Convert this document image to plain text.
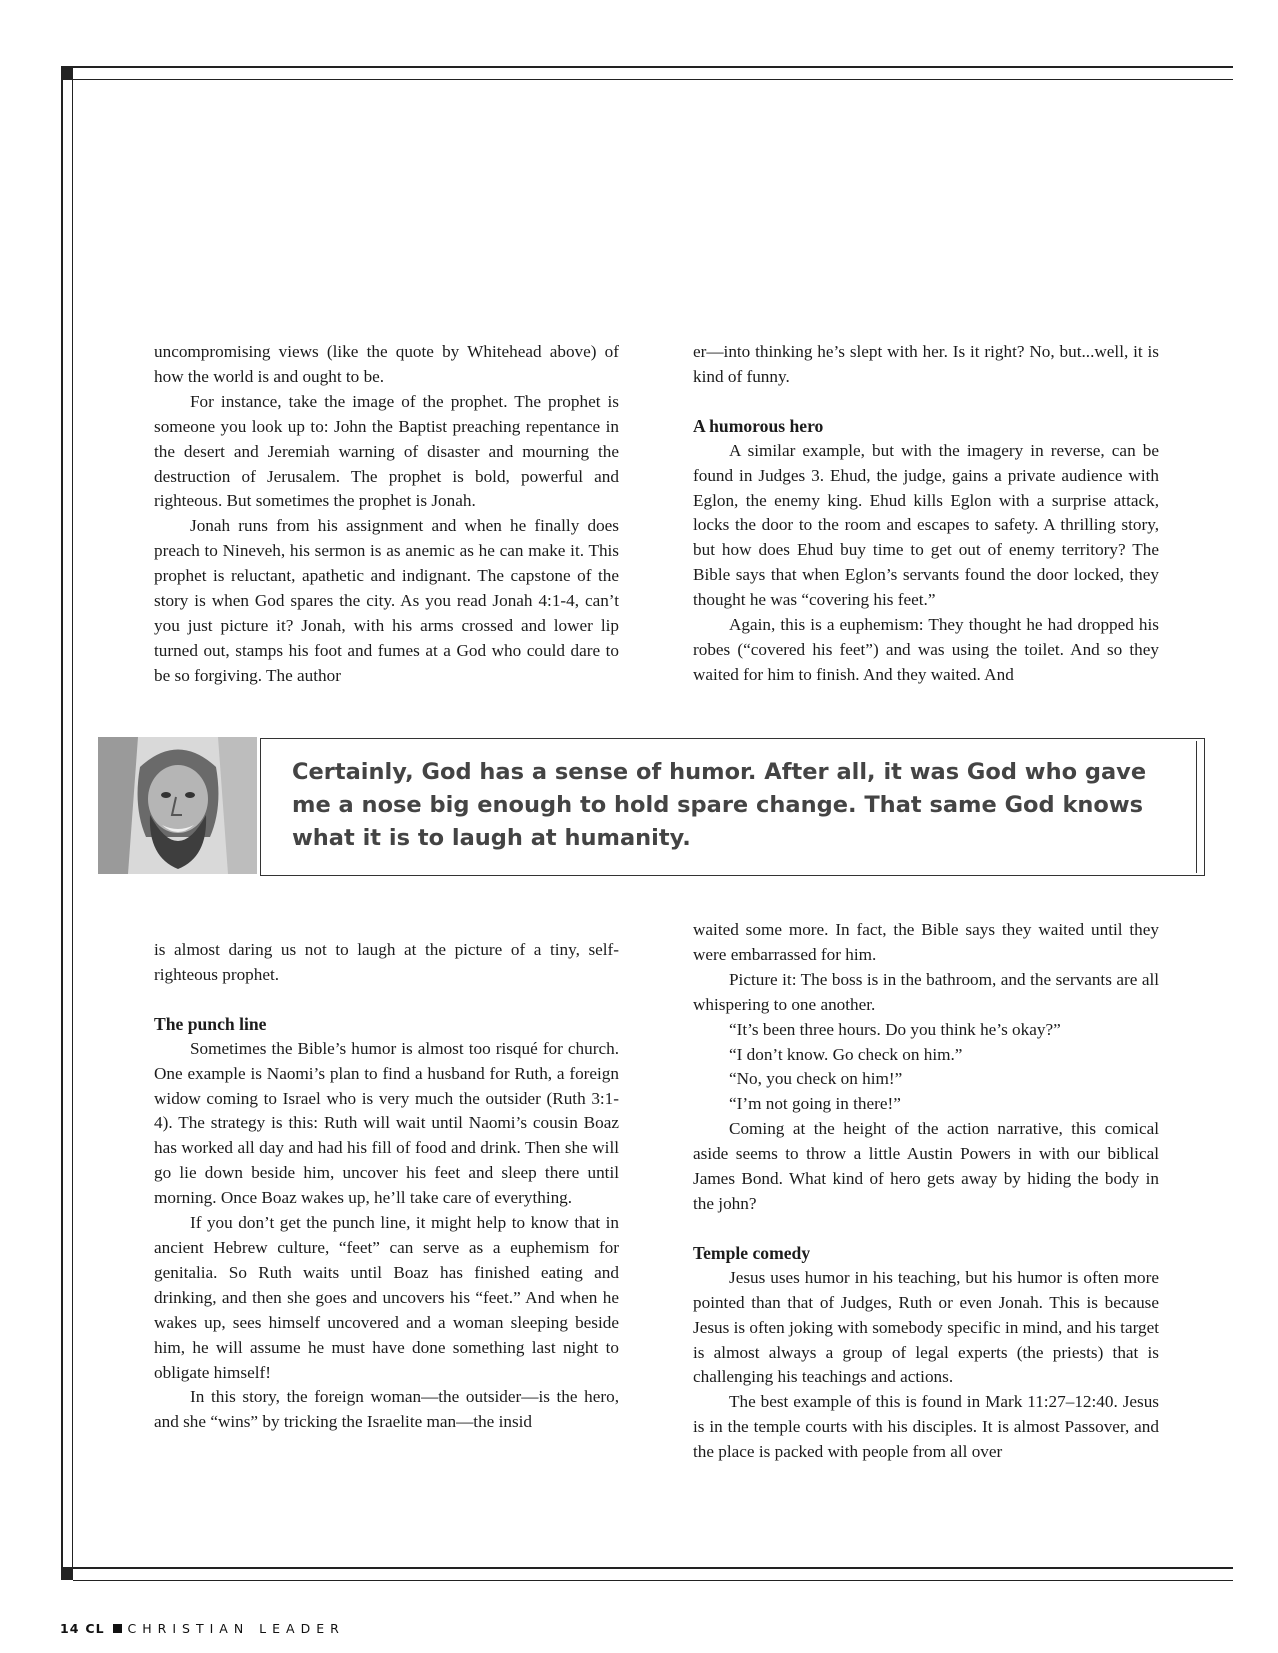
uncompromising views (like the quote by Whitehead above) of how the world is and ought to be.

For instance, take the image of the prophet. The prophet is someone you look up to: John the Baptist preaching repentance in the desert and Jeremiah warning of disaster and mourning the destruction of Jerusalem. The prophet is bold, powerful and righteous. But sometimes the prophet is Jonah.

Jonah runs from his assignment and when he finally does preach to Nineveh, his sermon is as anemic as he can make it. This prophet is reluctant, apathetic and indignant. The capstone of the story is when God spares the city. As you read Jonah 4:1-4, can’t you just picture it? Jonah, with his arms crossed and lower lip turned out, stamps his foot and fumes at a God who could dare to be so forgiving. The author

er—into thinking he’s slept with her. Is it right? No, but...well, it is kind of funny.

A humorous hero

A similar example, but with the imagery in reverse, can be found in Judges 3. Ehud, the judge, gains a private audience with Eglon, the enemy king. Ehud kills Eglon with a surprise attack, locks the door to the room and escapes to safety. A thrilling story, but how does Ehud buy time to get out of enemy territory? The Bible says that when Eglon’s servants found the door locked, they thought he was “covering his feet.”

Again, this is a euphemism: They thought he had dropped his robes (“covered his feet”) and was using the toilet. And so they waited for him to finish. And they waited. And

Certainly, God has a sense of humor. After all, it was God who gave me a nose big enough to hold spare change. That same God knows what it is to laugh at humanity.

is almost daring us not to laugh at the picture of a tiny, selfrighteous prophet.

The punch line

Sometimes the Bible’s humor is almost too risqué for church. One example is Naomi’s plan to find a husband for Ruth, a foreign widow coming to Israel who is very much the outsider (Ruth 3:1-4). The strategy is this: Ruth will wait until Naomi’s cousin Boaz has worked all day and had his fill of food and drink. Then she will go lie down beside him, uncover his feet and sleep there until morning. Once Boaz wakes up, he’ll take care of everything.

If you don’t get the punch line, it might help to know that in ancient Hebrew culture, “feet” can serve as a euphemism for genitalia. So Ruth waits until Boaz has finished eating and drinking, and then she goes and uncovers his “feet.” And when he wakes up, sees himself uncovered and a woman sleeping beside him, he will assume he must have done something last night to obligate himself!

In this story, the foreign woman—the outsider—is the hero, and she “wins” by tricking the Israelite man—the insid

waited some more. In fact, the Bible says they waited until they were embarrassed for him.

Picture it: The boss is in the bathroom, and the servants are all whispering to one another.

“It’s been three hours. Do you think he’s okay?”

“I don’t know. Go check on him.”

“No, you check on him!”

“I’m not going in there!”

Coming at the height of the action narrative, this comical aside seems to throw a little Austin Powers in with our biblical James Bond. What kind of hero gets away by hiding the body in the john?

Temple comedy

Jesus uses humor in his teaching, but his humor is often more pointed than that of Judges, Ruth or even Jonah. This is because Jesus is often joking with somebody specific in mind, and his target is almost always a group of legal experts (the priests) that is challenging his teachings and actions.

The best example of this is found in Mark 11:27–12:40. Jesus is in the temple courts with his disciples. It is almost Passover, and the place is packed with people from all over

14 CL CHRISTIAN LEADER
